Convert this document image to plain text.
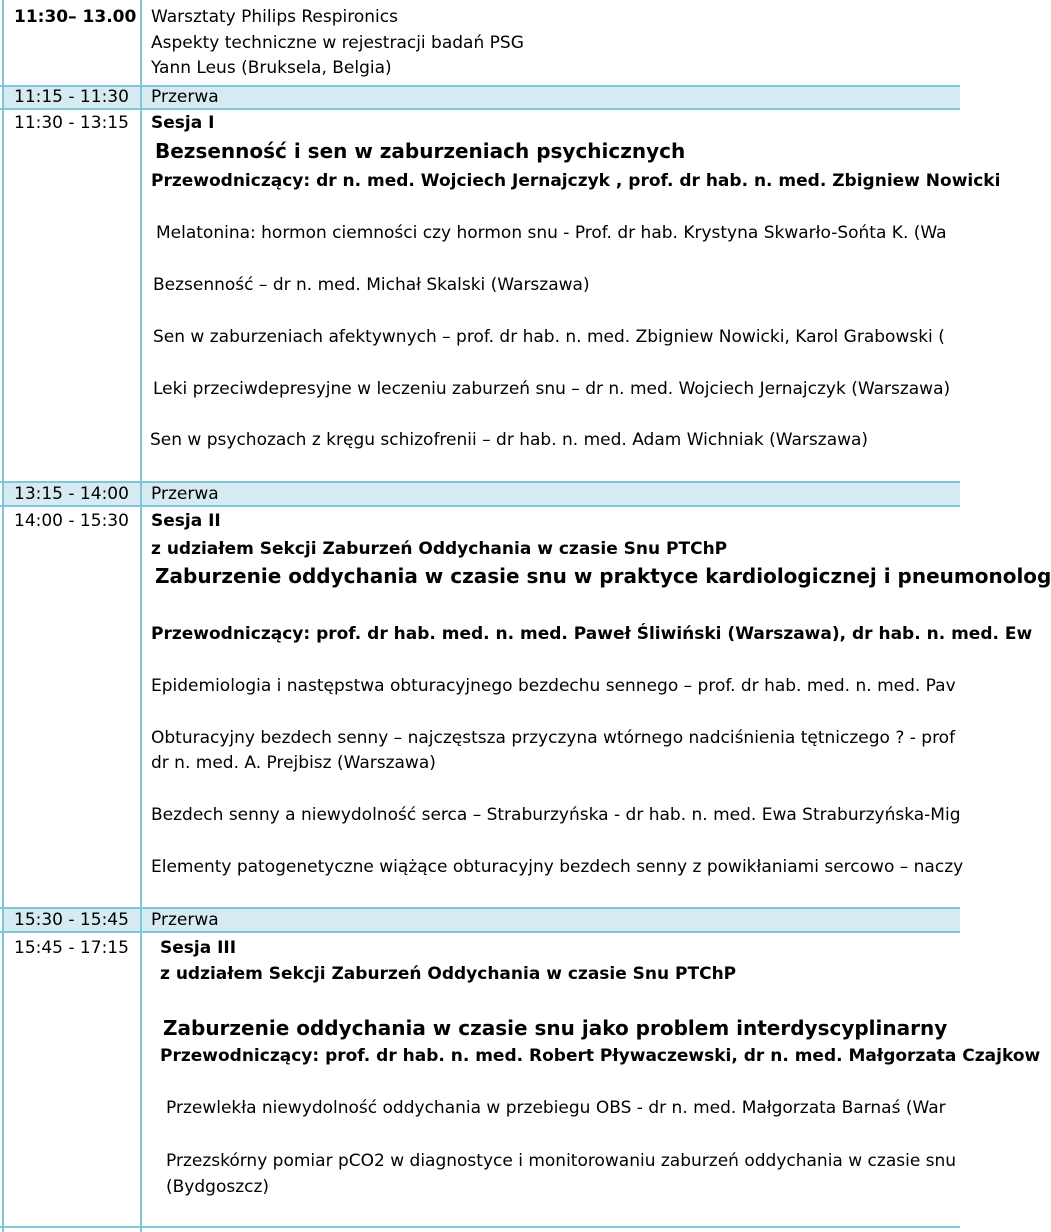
11:30– 13.00 Warsztaty Philips Respironics
Aspekty techniczne w rejestracji badań PSG
Yann Leus (Bruksela, Belgia)
11:15 - 11:30 Przerwa
11:30 - 13:15 Sesja I
Bezsenność i sen w zaburzeniach psychicznych
Przewodniczący: dr n. med. Wojciech Jernajczyk , prof. dr hab. n. med. Zbigniew Nowicki
Melatonina: hormon ciemności czy hormon snu - Prof. dr hab. Krystyna Skwarło-Sońta K. (Wa
Bezsenność – dr n. med. Michał Skalski (Warszawa)
Sen w zaburzeniach afektywnych – prof. dr hab. n. med. Zbigniew Nowicki, Karol Grabowski (
Leki przeciwdepresyjne w leczeniu zaburzeń snu – dr n. med. Wojciech Jernajczyk (Warszawa)
Sen w psychozach z kręgu schizofrenii – dr hab. n. med. Adam Wichniak (Warszawa)
13:15 - 14:00 Przerwa
14:00 - 15:30 Sesja II
z udziałem Sekcji Zaburzeń Oddychania w czasie Snu PTChP
Zaburzenie oddychania w czasie snu w praktyce kardiologicznej i pneumonolog
Przewodniczący: prof. dr hab. med. n. med. Paweł Śliwiński (Warszawa), dr hab. n. med. Ew
Epidemiologia i następstwa obturacyjnego bezdechu sennego – prof. dr hab. med. n. med. Pav
Obturacyjny bezdech senny – najczęstsza przyczyna wtórnego nadciśnienia tętniczego ? - prof
dr n. med. A. Prejbisz (Warszawa)
Bezdech senny a niewydolność serca – Straburzyńska - dr hab. n. med. Ewa Straburzyńska-Mig
Elementy patogenetyczne wiążące obturacyjny bezdech senny z powikłaniami sercowo – naczy
15:30 - 15:45 Przerwa
15:45 - 17:15 Sesja III
z udziałem Sekcji Zaburzeń Oddychania w czasie Snu PTChP
Zaburzenie oddychania w czasie snu jako problem interdyscyplinarny
Przewodniczący: prof. dr hab. n. med. Robert Pływaczewski, dr n. med. Małgorzata Czajkow
Przewlekła niewydolność oddychania w przebiegu OBS - dr n. med. Małgorzata Barnaś (War
Przezskórny pomiar pCO2 w diagnostyce i monitorowaniu zaburzeń oddychania w czasie snu
(Bydgoszcz)
